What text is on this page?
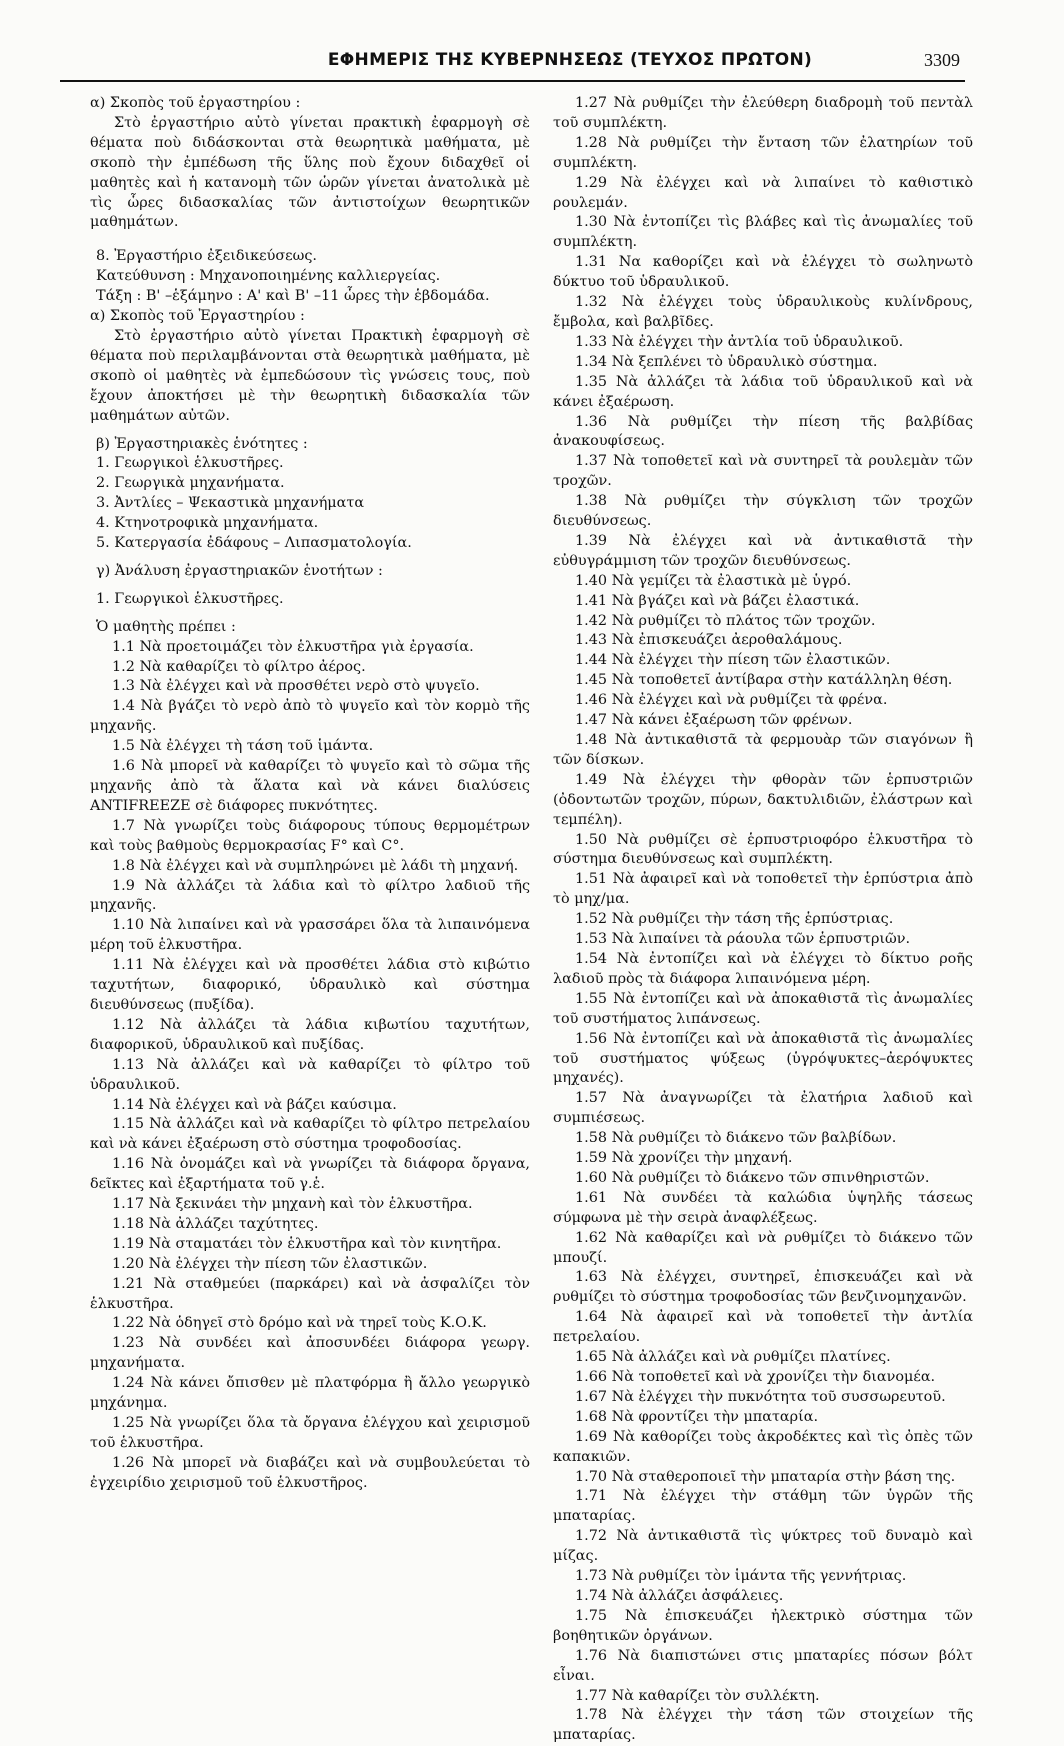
ΕΦΗΜΕΡΙΣ ΤΗΣ ΚΥΒΕΡΝΗΣΕΩΣ (ΤΕΥΧΟΣ ΠΡΩΤΟΝ)	3309

α) Σκοπὸς τοῦ ἐργαστηρίου :

Στὸ ἐργαστήριο αὐτὸ γίνεται πρακτικὴ ἐφαρμογὴ σὲ θέματα ποὺ διδάσκονται στὰ θεωρητικὰ μαθήματα, μὲ σκοπὸ τὴν ἐμπέδωση τῆς ὕλης ποὺ ἔχουν διδαχθεῖ οἱ μαθητὲς καὶ ἡ κατανομὴ τῶν ὡρῶν γίνεται ἀνατολικὰ μὲ τὶς ὧρες διδασκαλίας τῶν ἀντιστοίχων θεωρητικῶν μαθημάτων.

8. Ἐργαστήριο ἐξειδικεύσεως.

Κατεύθυνση : Μηχανοποιημένης καλλιεργείας.

Τάξη : Β' –ἑξάμηνο : Α' καὶ Β' –11 ὧρες τὴν ἑβδομάδα.

α) Σκοπὸς τοῦ Ἐργαστηρίου :

Στὸ ἐργαστήριο αὐτὸ γίνεται Πρακτικὴ ἐφαρμογὴ σὲ θέματα ποὺ περιλαμβάνονται στὰ θεωρητικὰ μαθήματα, μὲ σκοπὸ οἱ μαθητὲς νὰ ἐμπεδώσουν τὶς γνώσεις τους, ποὺ ἔχουν ἀποκτήσει μὲ τὴν θεωρητικὴ διδασκαλία τῶν μαθημάτων αὐτῶν.

β) Ἐργαστηριακὲς ἑνότητες :

1. Γεωργικοὶ ἑλκυστῆρες.

2. Γεωργικὰ μηχανήματα.

3. Ἀντλίες – Ψεκαστικὰ μηχανήματα

4. Κτηνοτροφικὰ μηχανήματα.

5. Κατεργασία ἐδάφους – Λιπασματολογία.

γ) Ἀνάλυση ἐργαστηριακῶν ἑνοτήτων :

1. Γεωργικοὶ ἑλκυστῆρες.

Ὁ μαθητὴς πρέπει :

1.1 Νὰ προετοιμάζει τὸν ἑλκυστῆρα γιὰ ἐργασία.

1.2 Νὰ καθαρίζει τὸ φίλτρο ἀέρος.

1.3 Νὰ ἐλέγχει καὶ νὰ προσθέτει νερὸ στὸ ψυγεῖο.

1.4 Νὰ βγάζει τὸ νερὸ ἀπὸ τὸ ψυγεῖο καὶ τὸν κορμὸ τῆς μηχανῆς.

1.5 Νὰ ἐλέγχει τὴ τάση τοῦ ἱμάντα.

1.6 Νὰ μπορεῖ νὰ καθαρίζει τὸ ψυγεῖο καὶ τὸ σῶμα τῆς μηχανῆς ἀπὸ τὰ ἅλατα καὶ νὰ κάνει διαλύσεις ANTIFREEZE σὲ διάφορες πυκνότητες.

1.7 Νὰ γνωρίζει τοὺς διάφορους τύπους θερμομέτρων καὶ τοὺς βαθμοὺς θερμοκρασίας F° καὶ C°.

1.8 Νὰ ἐλέγχει καὶ νὰ συμπληρώνει μὲ λάδι τὴ μηχανή.

1.9 Νὰ ἀλλάζει τὰ λάδια καὶ τὸ φίλτρο λαδιοῦ τῆς μηχανῆς.

1.10 Νὰ λιπαίνει καὶ νὰ γρασσάρει ὅλα τὰ λιπαινόμενα μέρη τοῦ ἑλκυστῆρα.

1.11 Νὰ ἐλέγχει καὶ νὰ προσθέτει λάδια στὸ κιβώτιο ταχυτήτων, διαφορικό, ὑδραυλικὸ καὶ σύστημα διευθύνσεως (πυξίδα).

1.12 Νὰ ἀλλάζει τὰ λάδια κιβωτίου ταχυτήτων, διαφορικοῦ, ὑδραυλικοῦ καὶ πυξίδας.

1.13 Νὰ ἀλλάζει καὶ νὰ καθαρίζει τὸ φίλτρο τοῦ ὑδραυλικοῦ.

1.14 Νὰ ἐλέγχει καὶ νὰ βάζει καύσιμα.

1.15 Νὰ ἀλλάζει καὶ νὰ καθαρίζει τὸ φίλτρο πετρελαίου καὶ νὰ κάνει ἐξαέρωση στὸ σύστημα τροφοδοσίας.

1.16 Νὰ ὀνομάζει καὶ νὰ γνωρίζει τὰ διάφορα ὄργανα, δεῖκτες καὶ ἐξαρτήματα τοῦ γ.ἑ.

1.17 Νὰ ξεκινάει τὴν μηχανὴ καὶ τὸν ἑλκυστῆρα.

1.18 Νὰ ἀλλάζει ταχύτητες.

1.19 Νὰ σταματάει τὸν ἑλκυστῆρα καὶ τὸν κινητῆρα.

1.20 Νὰ ἐλέγχει τὴν πίεση τῶν ἐλαστικῶν.

1.21 Νὰ σταθμεύει (παρκάρει) καὶ νὰ ἀσφαλίζει τὸν ἑλκυστῆρα.

1.22 Νὰ ὁδηγεῖ στὸ δρόμο καὶ νὰ τηρεῖ τοὺς Κ.Ο.Κ.

1.23 Νὰ συνδέει καὶ ἀποσυνδέει διάφορα γεωργ. μηχανήματα.

1.24 Νὰ κάνει ὄπισθεν μὲ πλατφόρμα ἢ ἄλλο γεωργικὸ μηχάνημα.

1.25 Νὰ γνωρίζει ὅλα τὰ ὄργανα ἐλέγχου καὶ χειρισμοῦ τοῦ ἑλκυστῆρα.

1.26 Νὰ μπορεῖ νὰ διαβάζει καὶ νὰ συμβουλεύεται τὸ ἐγχειρίδιο χειρισμοῦ τοῦ ἑλκυστῆρος.

1.27 Νὰ ρυθμίζει τὴν ἐλεύθερη διαδρομὴ τοῦ πεντὰλ τοῦ συμπλέκτη.

1.28 Νὰ ρυθμίζει τὴν ἔνταση τῶν ἐλατηρίων τοῦ συμπλέκτη.

1.29 Νὰ ἐλέγχει καὶ νὰ λιπαίνει τὸ καθιστικὸ ρουλεμάν.

1.30 Νὰ ἐντοπίζει τὶς βλάβες καὶ τὶς ἀνωμαλίες τοῦ συμπλέκτη.

1.31 Να καθορίζει καὶ νὰ ἐλέγχει τὸ σωληνωτὸ δύκτυο τοῦ ὑδραυλικοῦ.

1.32 Νὰ ἐλέγχει τοὺς ὑδραυλικοὺς κυλίνδρους, ἔμβολα, καὶ βαλβῖδες.

1.33 Νὰ ἐλέγχει τὴν ἀντλία τοῦ ὑδραυλικοῦ.

1.34 Νὰ ξεπλένει τὸ ὑδραυλικὸ σύστημα.

1.35 Νὰ ἀλλάζει τὰ λάδια τοῦ ὑδραυλικοῦ καὶ νὰ κάνει ἐξαέρωση.

1.36 Νὰ ρυθμίζει τὴν πίεση τῆς βαλβίδας ἀνακουφίσεως.

1.37 Νὰ τοποθετεῖ καὶ νὰ συντηρεῖ τὰ ρουλεμὰν τῶν τροχῶν.

1.38 Νὰ ρυθμίζει τὴν σύγκλιση τῶν τροχῶν διευθύνσεως.

1.39 Νὰ ἐλέγχει καὶ νὰ ἀντικαθιστᾶ τὴν εὐθυγράμμιση τῶν τροχῶν διευθύνσεως.

1.40 Νὰ γεμίζει τὰ ἐλαστικὰ μὲ ὑγρό.

1.41 Νὰ βγάζει καὶ νὰ βάζει ἐλαστικά.

1.42 Νὰ ρυθμίζει τὸ πλάτος τῶν τροχῶν.

1.43 Νὰ ἐπισκευάζει ἀεροθαλάμους.

1.44 Νὰ ἐλέγχει τὴν πίεση τῶν ἐλαστικῶν.

1.45 Νὰ τοποθετεῖ ἀντίβαρα στὴν κατάλληλη θέση.

1.46 Νὰ ἐλέγχει καὶ νὰ ρυθμίζει τὰ φρένα.

1.47 Νὰ κάνει ἐξαέρωση τῶν φρένων.

1.48 Νὰ ἀντικαθιστᾶ τὰ φερμουὰρ τῶν σιαγόνων ἢ τῶν δίσκων.

1.49 Νὰ ἐλέγχει τὴν φθορὰν τῶν ἑρπυστριῶν (ὀδοντωτῶν τροχῶν, πύρων, δακτυλιδιῶν, ἐλάστρων καὶ τεμπέλη).

1.50 Νὰ ρυθμίζει σὲ ἑρπυστριοφόρο ἑλκυστῆρα τὸ σύστημα διευθύνσεως καὶ συμπλέκτη.

1.51 Νὰ ἀφαιρεῖ καὶ νὰ τοποθετεῖ τὴν ἑρπύστρια ἀπὸ τὸ μηχ/μα.

1.52 Νὰ ρυθμίζει τὴν τάση τῆς ἑρπύστριας.

1.53 Νὰ λιπαίνει τὰ ράουλα τῶν ἑρπυστριῶν.

1.54 Νὰ ἐντοπίζει καὶ νὰ ἐλέγχει τὸ δίκτυο ροῆς λαδιοῦ πρὸς τὰ διάφορα λιπαινόμενα μέρη.

1.55 Νὰ ἐντοπίζει καὶ νὰ ἀποκαθιστᾶ τὶς ἀνωμαλίες τοῦ συστήματος λιπάνσεως.

1.56 Νὰ ἐντοπίζει καὶ νὰ ἀποκαθιστᾶ τὶς ἀνωμαλίες τοῦ συστήματος ψύξεως (ὑγρόψυκτες–ἀερόψυκτες μηχανές).

1.57 Νὰ ἀναγνωρίζει τὰ ἐλατήρια λαδιοῦ καὶ συμπιέσεως.

1.58 Νὰ ρυθμίζει τὸ διάκενο τῶν βαλβίδων.

1.59 Νὰ χρονίζει τὴν μηχανή.

1.60 Νὰ ρυθμίζει τὸ διάκενο τῶν σπινθηριστῶν.

1.61 Νὰ συνδέει τὰ καλώδια ὑψηλῆς τάσεως σύμφωνα μὲ τὴν σειρὰ ἀναφλέξεως.

1.62 Νὰ καθαρίζει καὶ νὰ ρυθμίζει τὸ διάκενο τῶν μπουζί.

1.63 Νὰ ἐλέγχει, συντηρεῖ, ἐπισκευάζει καὶ νὰ ρυθμίζει τὸ σύστημα τροφοδοσίας τῶν βενζινομηχανῶν.

1.64 Νὰ ἀφαιρεῖ καὶ νὰ τοποθετεῖ τὴν ἀντλία πετρελαίου.

1.65 Νὰ ἀλλάζει καὶ νὰ ρυθμίζει πλατίνες.

1.66 Νὰ τοποθετεῖ καὶ νὰ χρονίζει τὴν διανομέα.

1.67 Νὰ ἐλέγχει τὴν πυκνότητα τοῦ συσσωρευτοῦ.

1.68 Νὰ φροντίζει τὴν μπαταρία.

1.69 Νὰ καθορίζει τοὺς ἀκροδέκτες καὶ τὶς ὀπὲς τῶν καπακιῶν.

1.70 Νὰ σταθεροποιεῖ τὴν μπαταρία στὴν βάση της.

1.71 Νὰ ἐλέγχει τὴν στάθμη τῶν ὑγρῶν τῆς μπαταρίας.

1.72 Νὰ ἀντικαθιστᾶ τὶς ψύκτρες τοῦ δυναμὸ καὶ μίζας.

1.73 Νὰ ρυθμίζει τὸν ἱμάντα τῆς γεννήτριας.

1.74 Νὰ ἀλλάζει ἀσφάλειες.

1.75 Νὰ ἐπισκευάζει ἠλεκτρικὸ σύστημα τῶν βοηθητικῶν ὀργάνων.

1.76 Νὰ διαπιστώνει στις μπαταρίες πόσων βόλτ εἶναι.

1.77 Νὰ καθαρίζει τὸν συλλέκτη.

1.78 Νὰ ἐλέγχει τὴν τάση τῶν στοιχείων τῆς μπαταρίας.
